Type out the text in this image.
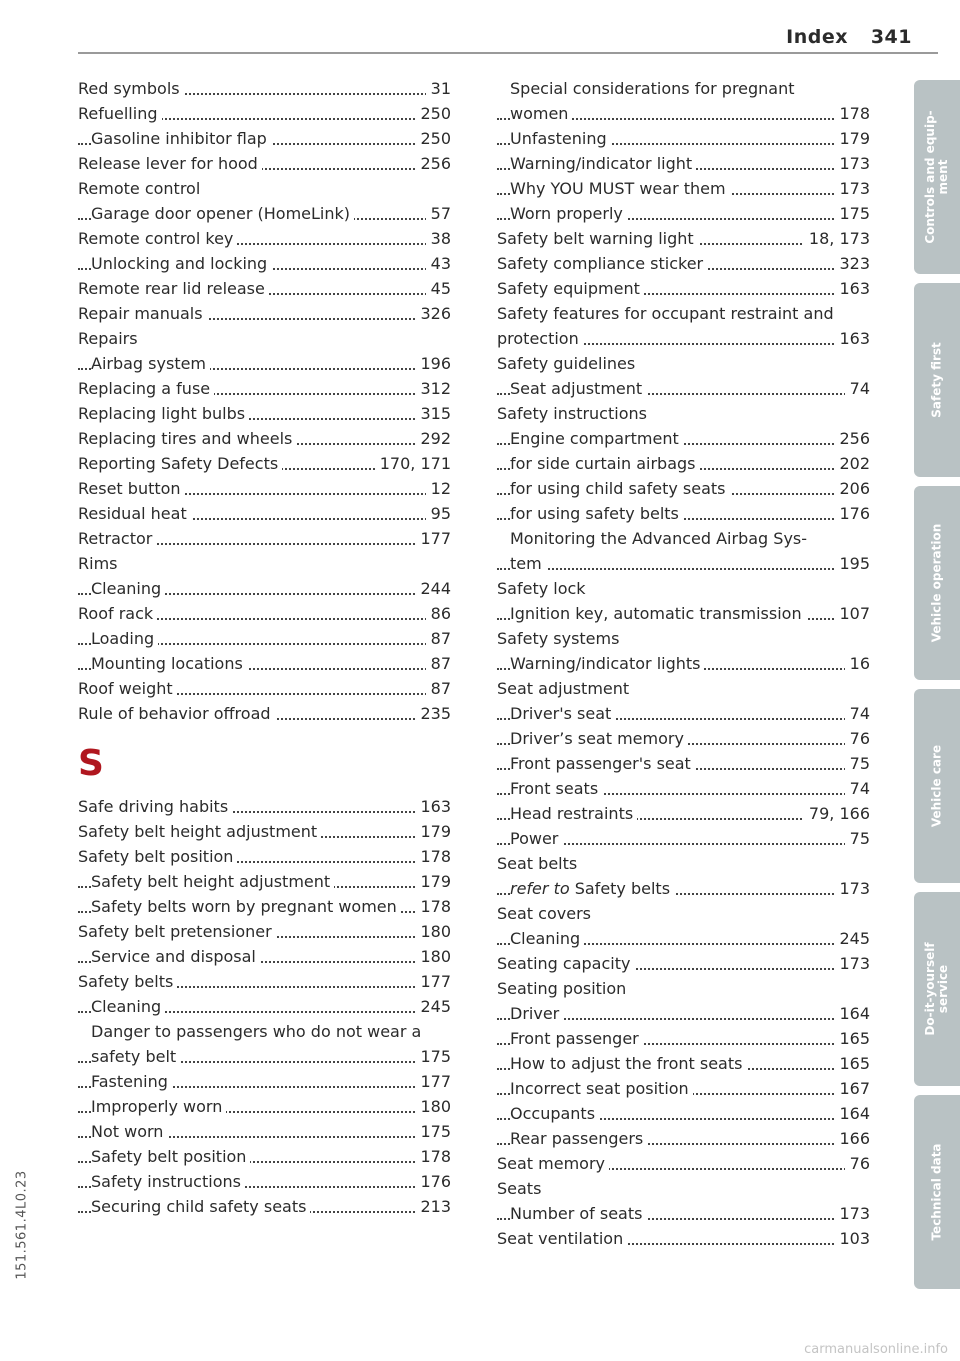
Index 341
Red symbols	31
Refuelling	250
Gasoline inhibitor flap	250
Release lever for hood	256
Remote control
Garage door opener (HomeLink)	57
Remote control key	38
Unlocking and locking	43
Remote rear lid release	45
Repair manuals	326
Repairs
Airbag system	196
Replacing a fuse	312
Replacing light bulbs	315
Replacing tires and wheels	292
Reporting Safety Defects	170, 171
Reset button	12
Residual heat	95
Retractor	177
Rims
Cleaning	244
Roof rack	86
Loading	87
Mounting locations	87
Roof weight	87
Rule of behavior offroad	235
S
Safe driving habits	163
Safety belt height adjustment	179
Safety belt position	178
Safety belt height adjustment	179
Safety belts worn by pregnant women	178
Safety belt pretensioner	180
Service and disposal	180
Safety belts	177
Cleaning	245
Danger to passengers who do not wear a
safety belt	175
Fastening	177
Improperly worn	180
Not worn	175
Safety belt position	178
Safety instructions	176
Securing child safety seats	213
Special considerations for pregnant
women	178
Unfastening	179
Warning/indicator light	173
Why YOU MUST wear them	173
Worn properly	175
Safety belt warning light	18, 173
Safety compliance sticker	323
Safety equipment	163
Safety features for occupant restraint and
protection	163
Safety guidelines
Seat adjustment	74
Safety instructions
Engine compartment	256
for side curtain airbags	202
for using child safety seats	206
for using safety belts	176
Monitoring the Advanced Airbag Sys-
tem	195
Safety lock
Ignition key, automatic transmission	107
Safety systems
Warning/indicator lights	16
Seat adjustment
Driver's seat	74
Driver’s seat memory	76
Front passenger's seat	75
Front seats	74
Head restraints	79, 166
Power	75
Seat belts
refer to Safety belts	173
Seat covers
Cleaning	245
Seating capacity	173
Seating position
Driver	164
Front passenger	165
How to adjust the front seats	165
Incorrect seat position	167
Occupants	164
Rear passengers	166
Seat memory	76
Seats
Number of seats	173
Seat ventilation	103
Controls and equip-
ment
Safety first
Vehicle operation
Vehicle care
Do-it-yourself
service
Technical data
151.561.4L0.23
carmanualsonline.info
